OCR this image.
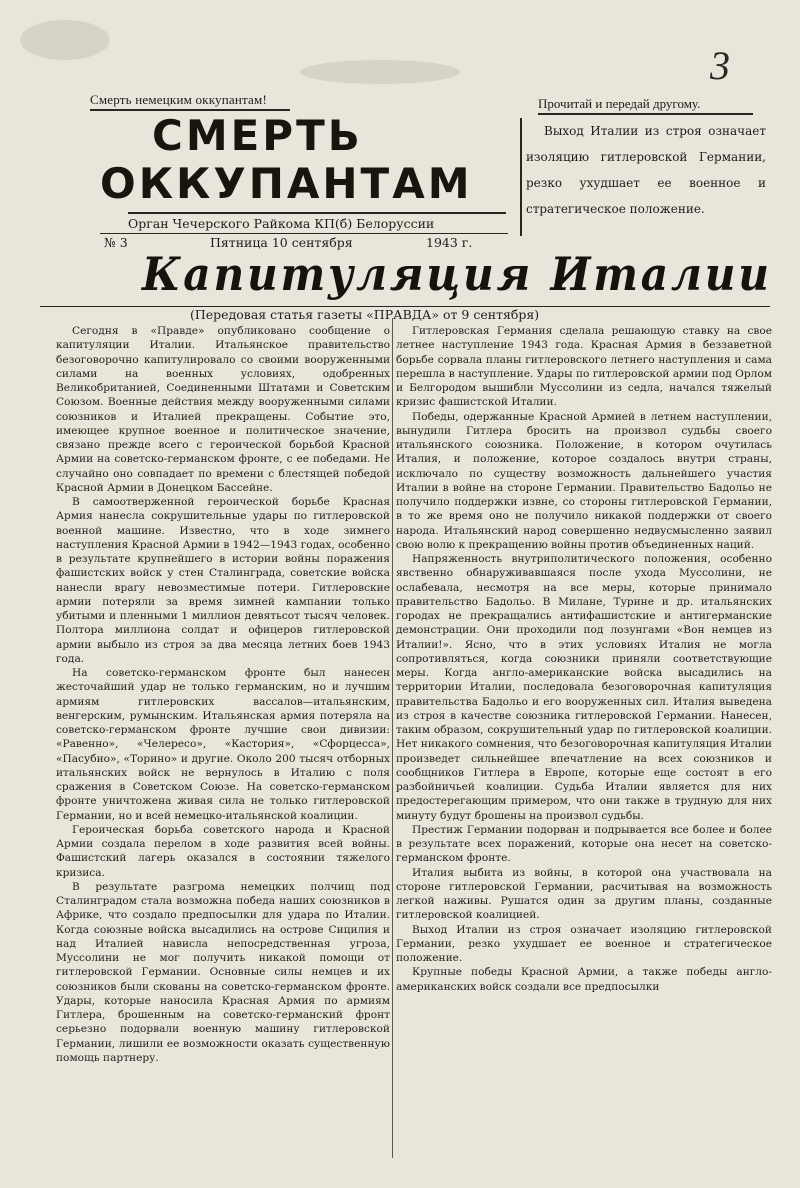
3
Смерть немецким оккупантам!	Прочитай и передай другому.
СМЕРТЬ
ОККУПАНТАМ
Орган Чечерского Райкома КП(б) Белоруссии
№ 3	Пятница 10 сентября	1943 г.

Выход Италии из строя означает изоляцию гитлеровской Германии, резко ухудшает ее военное и стратегическое положение.

Капитуляция Италии
(Передовая статья газеты «ПРАВДА» от 9 сентября)

Сегодня в «Правде» опубликовано сообщение о капитуляции Италии. Итальянское правительство безоговорочно капитулировало со своими вооруженными силами на военных условиях, одобренных Великобританией, Соединенными Штатами и Советским Союзом. Военные действия между вооруженными силами союзников и Италией прекращены. Событие это, имеющее крупное военное и политическое значение, связано прежде всего с героической борьбой Красной Армии на советско-германском фронте, с ее победами. Не случайно оно совпадает по времени с блестящей победой Красной Армии в Донецком Бассейне.

В самоотверженной героической борьбе Красная Армия нанесла сокрушительные удары по гитлеровской военной машине. Известно, что в ходе зимнего наступления Красной Армии в 1942—1943 годах, особенно в результате крупнейшего в истории войны поражения фашистских войск у стен Сталинграда, советские войска нанесли врагу невозместимые потери. Гитлеровские армии потеряли за время зимней кампании только убитыми и пленными 1 миллион девятьсот тысяч человек. Полтора миллиона солдат и офицеров гитлеровской армии выбыло из строя за два месяца летних боев 1943 года.

На советско-германском фронте был нанесен жесточайший удар не только германским, но и лучшим армиям гитлеровских вассалов—итальянским, венгерским, румынским. Итальянская армия потеряла на советско-германском фронте лучшие свои дивизии: «Равенно», «Челересо», «Кастория», «Сфорцесса», «Пасубио», «Торино» и другие. Около 200 тысяч отборных итальянских войск не вернулось в Италию с поля сражения в Советском Союзе. На советско-германском фронте уничтожена живая сила не только гитлеровской Германии, но и всей немецко-итальянской коалиции.

Героическая борьба советского народа и Красной Армии создала перелом в ходе развития всей войны. Фашистский лагерь оказался в состоянии тяжелого кризиса.

В результате разгрома немецких полчищ под Сталинградом стала возможна победа наших союзников в Африке, что создало предпосылки для удара по Италии. Когда союзные войска высадились на острове Сицилия и над Италией нависла непосредственная угроза, Муссолини не мог получить никакой помощи от гитлеровской Германии. Основные силы немцев и их союзников были скованы на советско-германском фронте. Удары, которые наносила Красная Армия по армиям Гитлера, брошенным на советско-германский фронт серьезно подорвали военную машину гитлеровской Германии, лишили ее возможности оказать существенную помощь партнеру.

Гитлеровская Германия сделала решающую ставку на свое летнее наступление 1943 года. Красная Армия в беззаветной борьбе сорвала планы гитлеровского летнего наступления и сама перешла в наступление. Удары по гитлеровской армии под Орлом и Белгородом вышибли Муссолини из седла, начался тяжелый кризис фашистской Италии.

Победы, одержанные Красной Армией в летнем наступлении, вынудили Гитлера бросить на произвол судьбы своего итальянского союзника. Положение, в котором очутилась Италия, и положение, которое создалось внутри страны, исключало по существу возможность дальнейшего участия Италии в войне на стороне Германии. Правительство Бадольо не получило поддержки извне, со стороны гитлеровской Германии, в то же время оно не получило никакой поддержки от своего народа. Итальянский народ совершенно недвусмысленно заявил свою волю к прекращению войны против объединенных наций.

Напряженность внутриполитического положения, особенно явственно обнаруживавшаяся после ухода Муссолини, не ослабевала, несмотря на все меры, которые принимало правительство Бадольо. В Милане, Турине и др. итальянских городах не прекращались антифашистские и антигерманские демонстрации. Они проходили под лозунгами «Вон немцев из Италии!». Ясно, что в этих условиях Италия не могла сопротивляться, когда союзники приняли соответствующие меры. Когда англо-американские войска высадились на территории Италии, последовала безоговорочная капитуляция правительства Бадольо и его вооруженных сил. Италия выведена из строя в качестве союзника гитлеровской Германии. Нанесен, таким образом, сокрушительный удар по гитлеровской коалиции. Нет никакого сомнения, что безоговорочная капитуляция Италии произведет сильнейшее впечатление на всех союзников и сообщников Гитлера в Европе, которые еще состоят в его разбойничьей коалиции. Судьба Италии является для них предостерегающим примером, что они также в трудную для них минуту будут брошены на произвол судьбы.

Престиж Германии подорван и подрывается все более и более в результате всех поражений, которые она несет на советско-германском фронте.

Италия выбита из войны, в которой она участвовала на стороне гитлеровской Германии, расчитывая на возможность легкой наживы. Рушатся один за другим планы, созданные гитлеровской коалицией.

Выход Италии из строя означает изоляцию гитлеровской Германии, резко ухудшает ее военное и стратегическое положение.

Крупные победы Красной Армии, а также победы англо-американских войск создали все предпосылки
